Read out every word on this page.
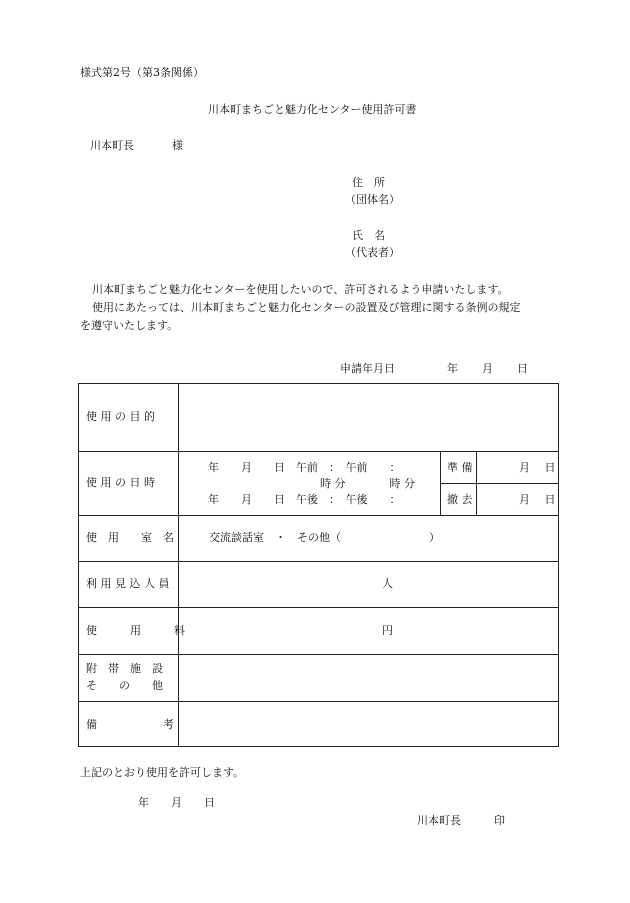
様式第2号（第3条関係）
川本町まちごと魅力化センター使用許可書
川本町長	様
住　所
（団体名）
氏　名
（代表者）
川本町まちごと魅力化センターを使用したいので、許可されるよう申請いたします。
使用にあたっては、川本町まちごと魅力化センターの設置及び管理に関する条例の規定
を遵守いたします。
申請年月日	年 月 日
使 用 の 目 的
使 用 の 日 時
使　用　　室　名
利 用 見 込 人 員
使　　　用　　　料
附　帯　施　設
そ　　の　　他
備　　　　　　考
年　　月　　日　午前　：　午前　　：
時 分　　　　時 分
年　　月　　日　午後　：　午後　　：
準 備
撤 去
月　 日
月　 日
交流談話室　・　その他（　　　　　　　　）
人
円
上記のとおり使用を許可します。
年　　月　　日
川本町長　　　印
